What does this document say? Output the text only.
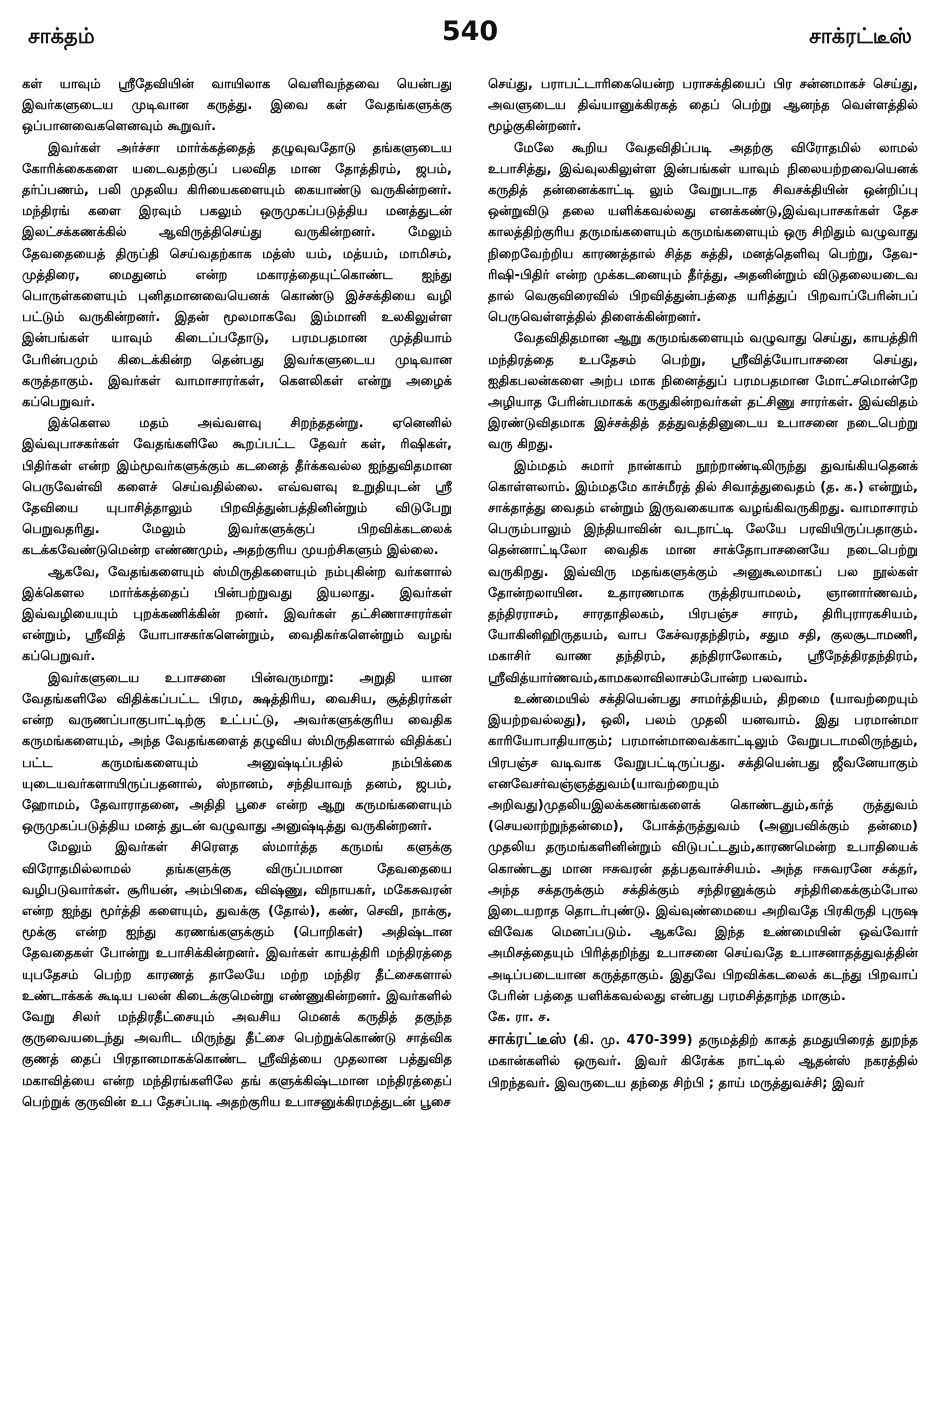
சாக்தம்	540	சாக்ரட்டீஸ்

கள் யாவும் ஸ்ரீதேவியின் வாயிலாக வெளிவந்தவை யென்பது இவர்களுடைய முடிவான கருத்து. இவை கள் வேதங்களுக்கு ஒப்பானவைகளெனவும் கூறுவர்.

இவர்கள் அர்ச்சா மார்க்கத்தைத் தழுவுவதோடு தங்களுடைய கோரிக்கைகளை யடைவதற்குப் பலவித மான தோத்திரம், ஜபம், தர்ப்பணம், பலி முதலிய கிரியைகளையும் கையாண்டு வருகின்றனர். மந்திரங் களை இரவும் பகலும் ஒருமுகப்படுத்திய மனத்துடன் இலட்சக்கணக்கில் ஆவிருத்திசெய்து வருகின்றனர். மேலும் தேவதையைத் திருப்தி செய்வதற்காக மத்ஸ் யம், மத்யம், மாமிசம், முத்திரை, மைதுனம் என்ற மகாரத்தையுட்கொண்ட ஐந்து பொருள்களையும் புனிதமானவையெனக் கொண்டு இச்சக்தியை வழி பட்டும் வருகின்றனர். இதன் மூலமாகவே இம்மானி உலகிலுள்ள இன்பங்கள் யாவும் கிடைப்பதோடு, பரமபதமான முத்தியாம் பேரின்பமும் கிடைக்கின்ற தென்பது இவர்களுடைய முடிவான கருத்தாகும். இவர்கள் வாமாசாரர்கள், கௌலிகள் என்று அழைக் கப்பெறுவர்.

இக்கௌல மதம் அவ்வளவு சிறந்ததன்று. ஏனெனில் இவ்வுபாசகர்கள் வேதங்களிலே கூறப்பட்ட தேவர் கள், ரிஷிகள், பிதிர்கள் என்ற இம்மூவர்களுக்கும் கடனைத் தீர்க்கவல்ல ஐந்துவிதமான பெருவேள்வி களைச் செய்வதில்லை. எவ்வளவு உறுதியுடன் ஸ்ரீ தேவியை யுபாசித்தாலும் பிறவித்துன்பத்தினின்றும் விடுபேறு பெறுவதரிது. மேலும் இவர்களுக்குப் பிறவிக்கடலைக் கடக்கவேண்டுமென்ற எண்ணமும், அதற்குரிய முயற்சிகளும் இல்லை.

ஆகவே, வேதங்களையும் ஸ்மிருதிகளையும் நம்புகின்ற வர்களால் இக்கௌல மார்க்கத்தைப் பின்பற்றுவது இயலாது. இவர்கள் இவ்வழியையும் புறக்கணிக்கின் றனர். இவர்கள் தட்சிணாசாரர்கள் என்றும், ஸ்ரீவித் யோபாசகர்களென்றும், வைதிகர்களென்றும் வழங் கப்பெறுவர்.

இவர்களுடைய உபாசனை பின்வருமாறு: அறுதி யான வேதங்களிலே விதிக்கப்பட்ட பிரம, க்ஷத்திரிய, வைசிய, சூத்திரர்கள் என்ற வருணப்பாகுபாட்டிற்கு உட்பட்டு, அவர்களுக்குரிய வைதிக கருமங்களையும், அந்த வேதங்களைத் தழுவிய ஸ்மிருதிகளால் விதிக்கப் பட்ட கருமங்களையும் அனுஷ்டிப்பதில் நம்பிக்கை யுடையவர்களாயிருப்பதனால், ஸ்நானம், சந்தியாவந் தனம், ஜபம், ஹோமம், தேவாராதனை, அதிதி பூசை என்ற ஆறு கருமங்களையும் ஒருமுகப்படுத்திய மனத் துடன் வழுவாது அனுஷ்டித்து வருகின்றனர்.

மேலும் இவர்கள் சிரௌத ஸ்மார்த்த கருமங் களுக்கு விரோதமில்லாமல் தங்களுக்கு விருப்பமான தேவதையை வழிபடுவார்கள். சூரியன், அம்பிகை, விஷ்ணு, விநாயகர், மகேசுவரன் என்ற ஐந்து மூர்த்தி களையும், துவக்கு (தோல்), கண், செவி, நாக்கு, மூக்கு என்ற ஐந்து கரணங்களுக்கும் (பொறிகள்) அதிஷ்டான தேவதைகள் போன்று உபாசிக்கின்றனர். இவர்கள் காயத்திரி மந்திரத்தை யுபதேசம் பெற்ற காரணத் தாலேயே மற்ற மந்திர தீட்சைகளால் உண்டாக்கக் கூடிய பலன் கிடைக்குமென்று எண்ணுகின்றனர். இவர்களில் வேறு சிலர் மந்திரதீட்சையும் அவசிய மெனக் கருதித் தகுந்த குருவையடைந்து அவரிட மிருந்து தீட்சை பெற்றுக்கொண்டு சாத்விக குணத் தைப் பிரதானமாகக்கொண்ட ஸ்ரீவித்யை முதலான பத்துவித மகாவித்யை என்ற மந்திரங்களிலே தங் களுக்கிஷ்டமான மந்திரத்தைப் பெற்றுக் குருவின் உப தேசப்படி அதற்குரிய உபாசனுக்கிரமத்துடன் பூசை

செய்து, பராபட்டாரிகையென்ற பராசக்தியைப் பிர சன்னமாகச் செய்து, அவளுடைய திவ்யானுக்கிரகத் தைப் பெற்று ஆனந்த வெள்ளத்தில் மூழ்குகின்றனர்.

மேலே கூறிய வேதவிதிப்படி அதற்கு விரோதமில் லாமல் உபாசித்து, இவ்வுலகிலுள்ள இன்பங்கள் யாவும் நிலையற்றவையெனக் கருதித் தன்னைக்காட்டி லும் வேறுபடாத சிவசக்தியின் ஒன்றிப்பு ஒன்றுவிடு தலை யளிக்கவல்லது எனக்கண்டு,இவ்வுபாசகர்கள் தேச காலத்திற்குரிய தருமங்களையும் கருமங்களையும் ஒரு சிறிதும் வழுவாது நிறைவேற்றிய காரணத்தால் சித்த சுத்தி, மனத்தெளிவு பெற்று, தேவ-ரிஷி-பிதிர் என்ற முக்கடனையும் தீர்த்து, அதனின்றும் விடுதலையடைவ தால் வெகுவிரைவில் பிறவித்துன்பத்தை யரித்துப் பிறவாப்பேரின்பப் பெருவெள்ளத்தில் திளைக்கின்றனர்.

வேதவிதிதமான ஆறு கருமங்களையும் வழுவாது செய்து, காயத்திரி மந்திரத்தை உபதேசம் பெற்று, ஸ்ரீவித்யோபாசனை செய்து, ஐதிகபலன்களை அற்ப மாக நினைத்துப் பரமபதமான மோட்சமொன்றே அழியாத பேரின்பமாகக் கருதுகின்றவர்கள் தட்சிணு சாரர்கள். இவ்விதம் இரண்டுவிதமாக இச்சக்தித் தத்துவத்தினுடைய உபாசனை நடைபெற்று வரு கிறது.

இம்மதம் சுமார் நான்காம் நூற்றாண்டிலிருந்து துவங்கியதெனக் கொள்ளலாம். இம்மதமே காச்மீரத் தில் சிவாத்துவைதம் (த. க.) என்றும், சாக்தாத்து வைதம் என்றும் இருவகையாக வழங்கிவருகிறது. வாமாசாரம் பெரும்பாலும் இந்தியாவின் வடநாட்டி லேயே பரவியிருப்பதாகும். தென்னாட்டிலோ வைதிக மான சாக்தோபாசனையே நடைபெற்று வருகிறது. இவ்விரு மதங்களுக்கும் அனுகூலமாகப் பல நூல்கள் தோன்றலாயின. உதாரணமாக ருத்திரயாமலம், ஞானார்ணவம், தந்திரராசம், சாரதாதிலகம், பிரபஞ்ச சாரம், திரிபுராரகசியம், யோகினிஹிருதயம், வாப கேச்வரதந்திரம், சதும சதி, குலசூடாமணி, மகாசிர் வாண தந்திரம், தந்திராலோகம், ஸ்ரீநேத்திரதந்திரம், ஸ்ரீவித்யார்ணவம்,காமகலாவிலாசம்போன்ற பலவாம்.

உண்மையில் சக்தியென்பது சாமர்த்தியம், திறமை (யாவற்றையும் இயற்றவல்லது), ஒலி, பலம் முதலி யனவாம். இது பரமான்மா காரியோபாதியாகும்; பரமான்மாவைக்காட்டிலும் வேறுபடாமலிருந்தும், பிரபஞ்ச வடிவாக வேறுபட்டிருப்பது. சக்தியென்பது ஜீவனேயாகும் எனவேசர்வஞ்ஞத்துவம்(யாவற்றையும் அறிவது)முதலியஇலக்கணங்களைக் கொண்டதும்,கர்த் ருத்துவம் (செயலாற்றுந்தன்மை), போக்த்ருத்துவம் (அனுபவிக்கும் தன்மை) முதலிய தருமங்களினின்றும் விடுபட்டதும்,காரணமென்ற உபாதியைக் கொண்டது மான ஈசுவரன் தத்பதவாச்சியம். அந்த ஈசுவரனே சக்தர், அந்த சக்தருக்கும் சக்திக்கும் சந்திரனுக்கும் சந்திரிகைக்கும்போல இடையறாத தொடர்புண்டு. இவ்வுண்மையை அறிவதே பிரகிருதி புருஷ விவேக மெனப்படும். ஆகவே இந்த உண்மையின் ஒவ்வோர் அமிசத்தையும் பிரித்தறிந்து உபாசனை செய்வதே உபாசனாதத்துவத்தின் அடிப்படையான கருத்தாகும். இதுவே பிறவிக்கடலைக் கடந்து பிறவாப் பேரின் பத்தை யளிக்கவல்லது என்பது பரமசித்தாந்த மாகும்.

கே. ரா. ச.

சாக்ரட்டீஸ் (கி. மு. 470-399) தருமத்திற் காகத் தமதுயிரைத் துறந்த மகான்களில் ஒருவர். இவர் கிரேக்க நாட்டில் ஆதன்ஸ் நகரத்தில் பிறந்தவர். இவருடைய தந்தை சிற்பி ; தாய் மருத்துவச்சி; இவர்
